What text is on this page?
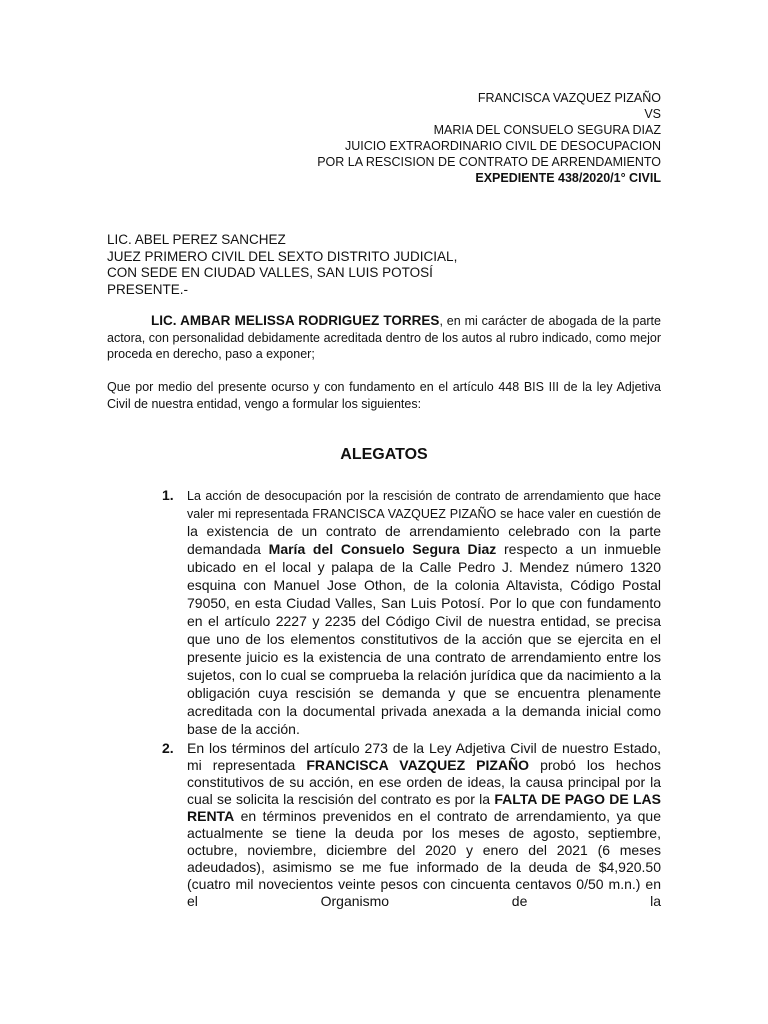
FRANCISCA VAZQUEZ PIZAÑO
VS
MARIA DEL CONSUELO SEGURA DIAZ
JUICIO EXTRAORDINARIO CIVIL DE DESOCUPACION
POR LA RESCISION DE CONTRATO DE ARRENDAMIENTO
EXPEDIENTE 438/2020/1° CIVIL
LIC. ABEL PEREZ SANCHEZ
JUEZ PRIMERO CIVIL DEL SEXTO DISTRITO JUDICIAL,
CON SEDE EN CIUDAD VALLES, SAN LUIS POTOSÍ
PRESENTE.-
LIC. AMBAR MELISSA RODRIGUEZ TORRES, en mi carácter de abogada de la parte actora, con personalidad debidamente acreditada dentro de los autos al rubro indicado, como mejor proceda en derecho, paso a exponer;
Que por medio del presente ocurso y con fundamento en el artículo 448 BIS III de la ley Adjetiva Civil de nuestra entidad, vengo a formular los siguientes:
ALEGATOS
1. La acción de desocupación por la rescisión de contrato de arrendamiento que hace valer mi representada FRANCISCA VAZQUEZ PIZAÑO se hace valer en cuestión de la existencia de un contrato de arrendamiento celebrado con la parte demandada María del Consuelo Segura Diaz respecto a un inmueble ubicado en el local y palapa de la Calle Pedro J. Mendez número 1320 esquina con Manuel Jose Othon, de la colonia Altavista, Código Postal 79050, en esta Ciudad Valles, San Luis Potosí. Por lo que con fundamento en el artículo 2227 y 2235 del Código Civil de nuestra entidad, se precisa que uno de los elementos constitutivos de la acción que se ejercita en el presente juicio es la existencia de una contrato de arrendamiento entre los sujetos, con lo cual se comprueba la relación jurídica que da nacimiento a la obligación cuya rescisión se demanda y que se encuentra plenamente acreditada con la documental privada anexada a la demanda inicial como base de la acción.

2. En los términos del artículo 273 de la Ley Adjetiva Civil de nuestro Estado, mi representada FRANCISCA VAZQUEZ PIZAÑO probó los hechos constitutivos de su acción, en ese orden de ideas, la causa principal por la cual se solicita la rescisión del contrato es por la FALTA DE PAGO DE LAS RENTA en términos prevenidos en el contrato de arrendamiento, ya que actualmente se tiene la deuda por los meses de agosto, septiembre, octubre, noviembre, diciembre del 2020 y enero del 2021 (6 meses adeudados), asimismo se me fue informado de la deuda de $4,920.50 (cuatro mil novecientos veinte pesos con cincuenta centavos 0/50 m.n.) en el Organismo de la
